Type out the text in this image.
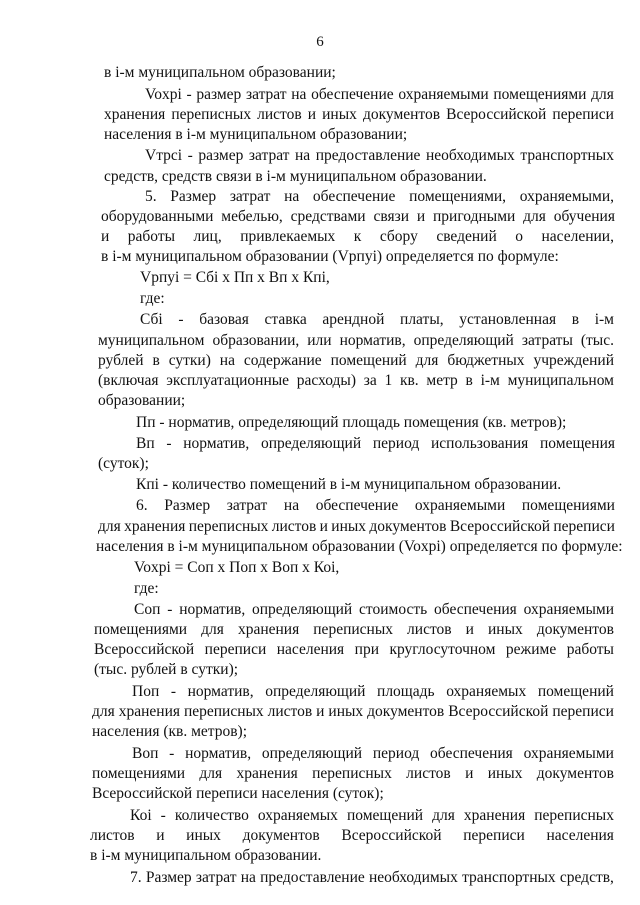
6
в i-м муниципальном образовании;
Voxpi - размер затрат на обеспечение охраняемыми помещениями для
хранения переписных листов и иных документов Всероссийской переписи
населения в i-м муниципальном образовании;
Vтрсi - размер затрат на предоставление необходимых транспортных
средств, средств связи в i-м муниципальном образовании.
5. Размер затрат на обеспечение помещениями, охраняемыми,
оборудованными мебелью, средствами связи и пригодными для обучения
и работы лиц, привлекаемых к сбору сведений о населении,
в i-м муниципальном образовании (Vрпуi) определяется по формуле:
Vрпуi = Cбi x Пп x Вп x Кпi,
где:
Сбi - базовая ставка арендной платы, установленная в i-м
муниципальном образовании, или норматив, определяющий затраты (тыс.
рублей в сутки) на содержание помещений для бюджетных учреждений
(включая эксплуатационные расходы) за 1 кв. метр в i-м муниципальном
образовании;
Пп - норматив, определяющий площадь помещения (кв. метров);
Вп - норматив, определяющий период использования помещения
(суток);
Кпi - количество помещений в i-м муниципальном образовании.
6. Размер затрат на обеспечение охраняемыми помещениями
для хранения переписных листов и иных документов Всероссийской переписи
населения в i-м муниципальном образовании (Voxpi) определяется по формуле:
Voxpi = Cоп x Поп x Воп x Коi,
где:
Cоп - норматив, определяющий стоимость обеспечения охраняемыми
помещениями для хранения переписных листов и иных документов
Всероссийской переписи населения при круглосуточном режиме работы
(тыс. рублей в сутки);
Поп - норматив, определяющий площадь охраняемых помещений
для хранения переписных листов и иных документов Всероссийской переписи
населения (кв. метров);
Воп - норматив, определяющий период обеспечения охраняемыми
помещениями для хранения переписных листов и иных документов
Всероссийской переписи населения (суток);
Коi - количество охраняемых помещений для хранения переписных
листов и иных документов Всероссийской переписи населения
в i-м муниципальном образовании.
7. Размер затрат на предоставление необходимых транспортных средств,
